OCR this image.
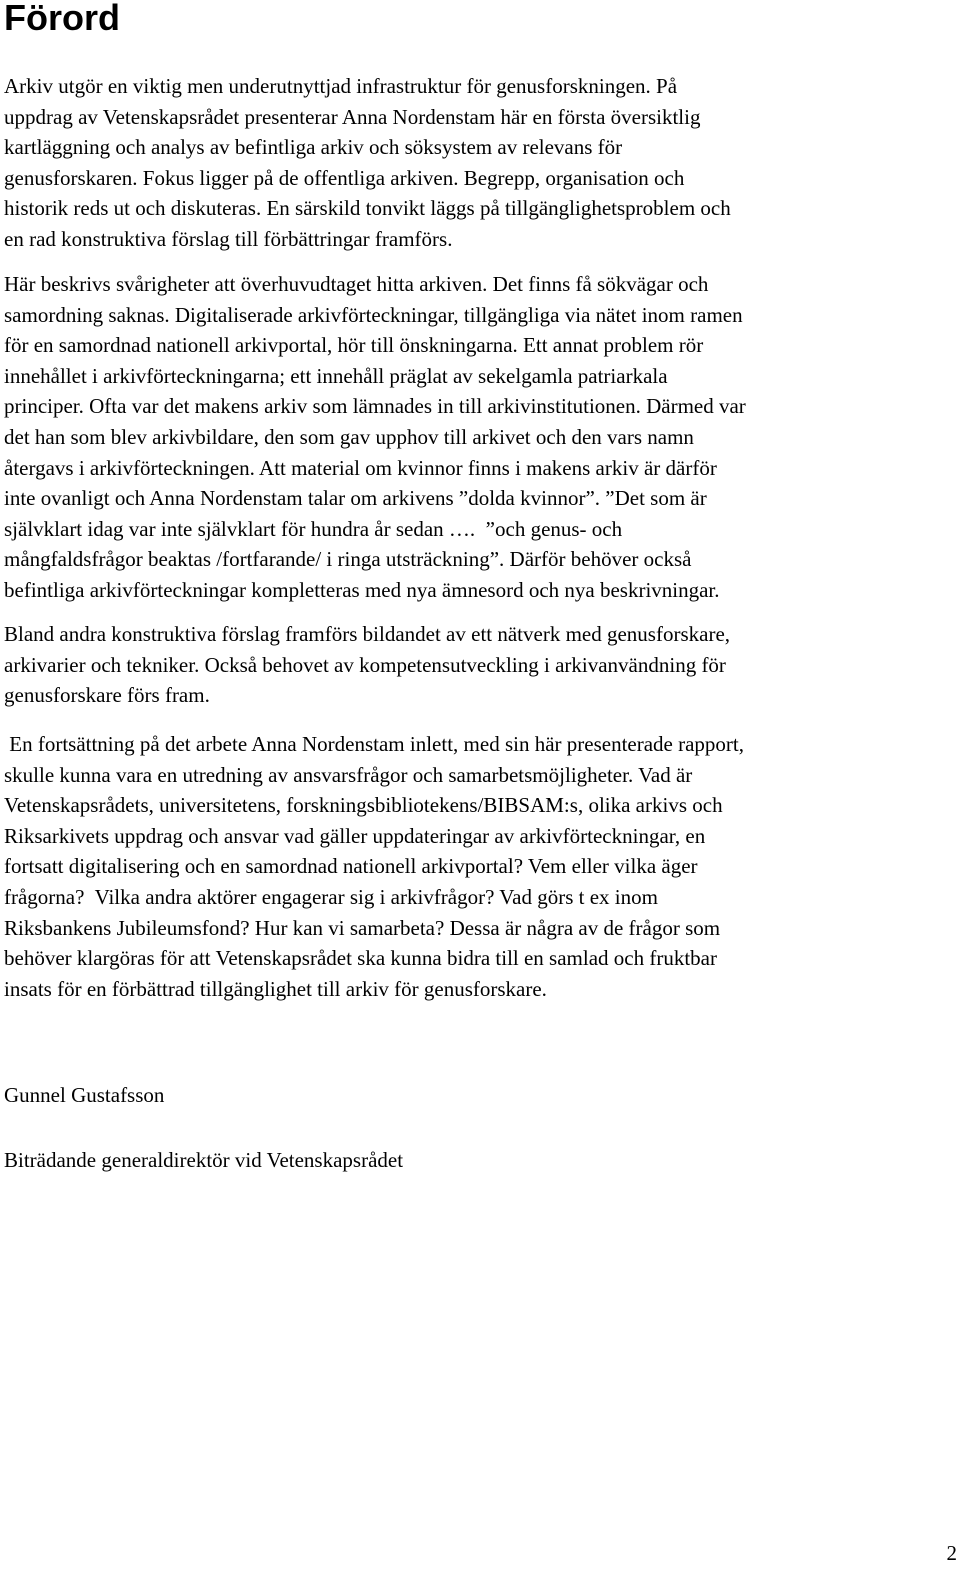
Förord

Arkiv utgör en viktig men underutnyttjad infrastruktur för genusforskningen. På
uppdrag av Vetenskapsrådet presenterar Anna Nordenstam här en första översiktlig
kartläggning och analys av befintliga arkiv och söksystem av relevans för
genusforskaren. Fokus ligger på de offentliga arkiven. Begrepp, organisation och
historik reds ut och diskuteras. En särskild tonvikt läggs på tillgänglighetsproblem och
en rad konstruktiva förslag till förbättringar framförs.

Här beskrivs svårigheter att överhuvudtaget hitta arkiven. Det finns få sökvägar och
samordning saknas. Digitaliserade arkivförteckningar, tillgängliga via nätet inom ramen
för en samordnad nationell arkivportal, hör till önskningarna. Ett annat problem rör
innehållet i arkivförteckningarna; ett innehåll präglat av sekelgamla patriarkala
principer. Ofta var det makens arkiv som lämnades in till arkivinstitutionen. Därmed var
det han som blev arkivbildare, den som gav upphov till arkivet och den vars namn
återgavs i arkivförteckningen. Att material om kvinnor finns i makens arkiv är därför
inte ovanligt och Anna Nordenstam talar om arkivens ”dolda kvinnor”. ”Det som är
självklart idag var inte självklart för hundra år sedan ….  ”och genus- och
mångfaldsfrågor beaktas /fortfarande/ i ringa utsträckning”. Därför behöver också
befintliga arkivförteckningar kompletteras med nya ämnesord och nya beskrivningar.

Bland andra konstruktiva förslag framförs bildandet av ett nätverk med genusforskare,
arkivarier och tekniker. Också behovet av kompetensutveckling i arkivanvändning för
genusforskare förs fram.

En fortsättning på det arbete Anna Nordenstam inlett, med sin här presenterade rapport,
skulle kunna vara en utredning av ansvarsfrågor och samarbetsmöjligheter. Vad är
Vetenskapsrådets, universitetens, forskningsbibliotekens/BIBSAM:s, olika arkivs och
Riksarkivets uppdrag och ansvar vad gäller uppdateringar av arkivförteckningar, en
fortsatt digitalisering och en samordnad nationell arkivportal? Vem eller vilka äger
frågorna?  Vilka andra aktörer engagerar sig i arkivfrågor? Vad görs t ex inom
Riksbankens Jubileumsfond? Hur kan vi samarbeta? Dessa är några av de frågor som
behöver klargöras för att Vetenskapsrådet ska kunna bidra till en samlad och fruktbar
insats för en förbättrad tillgänglighet till arkiv för genusforskare.

Gunnel Gustafsson

Biträdande generaldirektör vid Vetenskapsrådet

2
